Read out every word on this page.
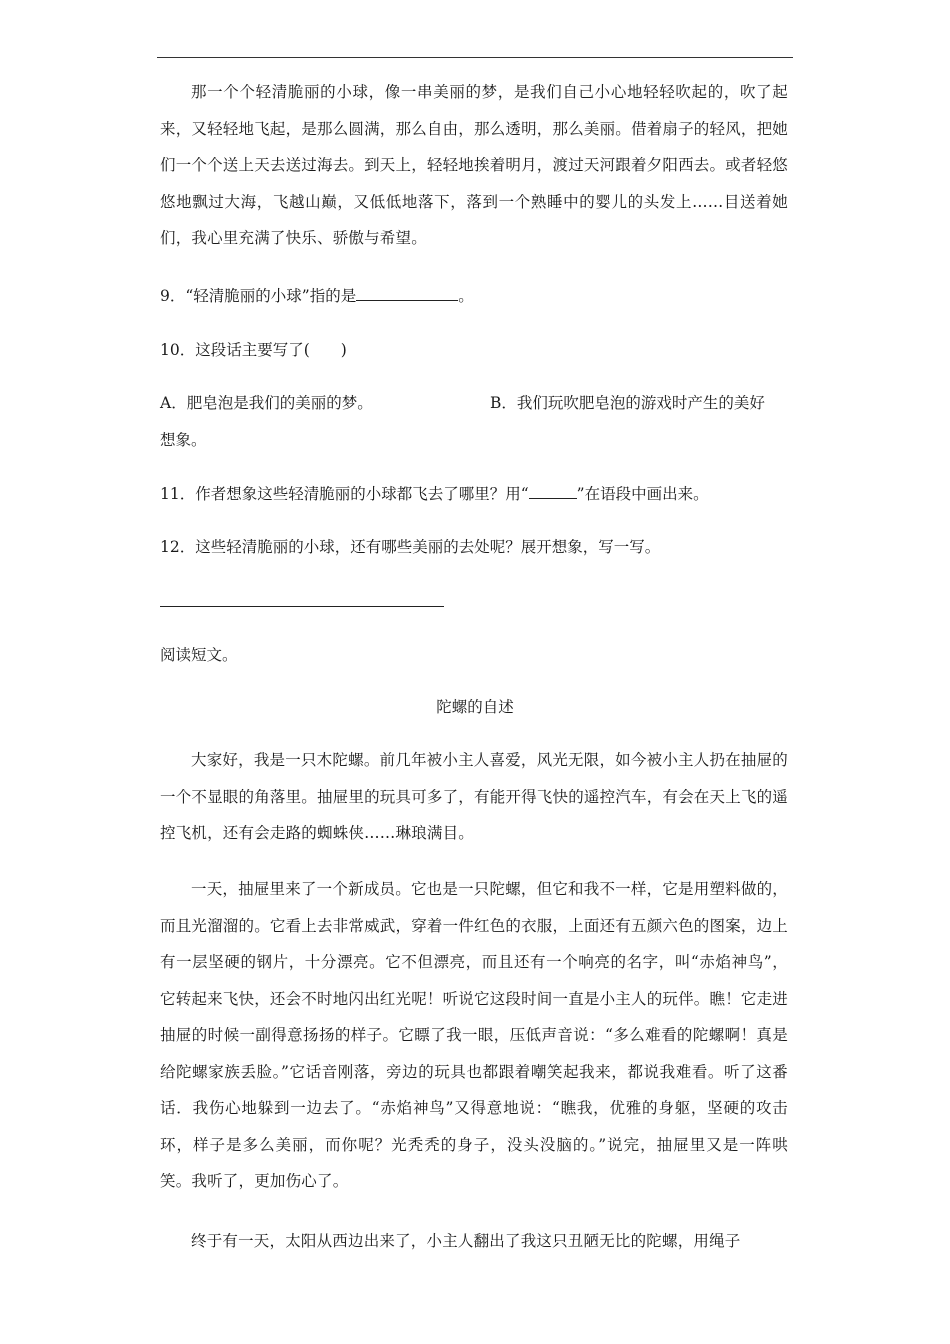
那一个个轻清脆丽的小球，像一串美丽的梦，是我们自己小心地轻轻吹起的，吹了起来，又轻轻地飞起，是那么圆满，那么自由，那么透明，那么美丽。借着扇子的轻风，把她们一个个送上天去送过海去。到天上，轻轻地挨着明月，渡过天河跟着夕阳西去。或者轻悠悠地飘过大海，飞越山巅，又低低地落下，落到一个熟睡中的婴儿的头发上……目送着她们，我心里充满了快乐、骄傲与希望。

9．“轻清脆丽的小球”指的是	。
10．这段话主要写了(　　)
A．肥皂泡是我们的美丽的梦。	B．我们玩吹肥皂泡的游戏时产生的美好
想象。
11．作者想象这些轻清脆丽的小球都飞去了哪里？用“	”在语段中画出来。
12．这些轻清脆丽的小球，还有哪些美丽的去处呢？展开想象，写一写。
阅读短文。

陀螺的自述

大家好，我是一只木陀螺。前几年被小主人喜爱，风光无限，如今被小主人扔在抽屉的一个不显眼的角落里。抽屉里的玩具可多了，有能开得飞快的遥控汽车，有会在天上飞的遥控飞机，还有会走路的蜘蛛侠……琳琅满目。

一天，抽屉里来了一个新成员。它也是一只陀螺，但它和我不一样，它是用塑料做的，而且光溜溜的。它看上去非常威武，穿着一件红色的衣服，上面还有五颜六色的图案，边上有一层坚硬的钢片，十分漂亮。它不但漂亮，而且还有一个响亮的名字，叫“赤焰神鸟”，它转起来飞快，还会不时地闪出红光呢！听说它这段时间一直是小主人的玩伴。瞧！它走进抽屉的时候一副得意扬扬的样子。它瞟了我一眼，压低声音说：“多么难看的陀螺啊！真是给陀螺家族丢脸。”它话音刚落，旁边的玩具也都跟着嘲笑起我来，都说我难看。听了这番话．我伤心地躲到一边去了。“赤焰神鸟”又得意地说：“瞧我，优雅的身躯，坚硬的攻击环，样子是多么美丽，而你呢？光秃秃的身子，没头没脑的。”说完，抽屉里又是一阵哄笑。我听了，更加伤心了。

终于有一天，太阳从西边出来了，小主人翻出了我这只丑陋无比的陀螺，用绳子
